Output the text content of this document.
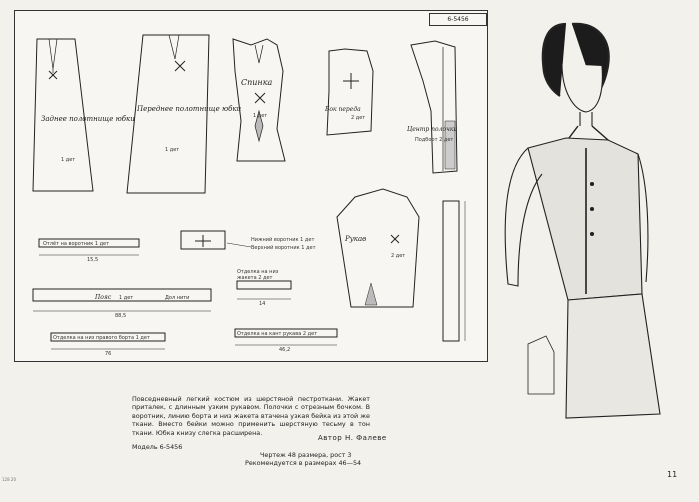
6-5456
Заднее полотнище юбки
1 дет
Переднее полотнище юбки
1 дет
Спинка
1 дет
Бок переда
2 дет
Центр полочки
Подборт 2 дет
Рукав
2 дет
Пояс 1 дет	Дол нити
Отлёт на воротник 1 дет
Отделка на низ правого борта 1 дет
Отделка на кант рукава 2 дет
Отделка на низ
жакета 2 дет
Нижний воротник 1 дет
Верхний воротник 1 дет
15,5
88,5
76
46,2
14

Повседневный легкий костюм из шерстяной пестроткани. Жакет приталек, с длинным узким рукавом. Полочки с отрезным бочком. В воротник, линию борта и низ жакета втачена узкая бейка из этой же ткани. Вместо бейки можно применить шерстяную тесьму в тон ткани. Юбка книзу слегка расширена.

Автор Н. Фалеве
Модель 6-5456
Чертеж 48 размера, рост 3
Рекомендуется в размерах 46—54
11
128 20
